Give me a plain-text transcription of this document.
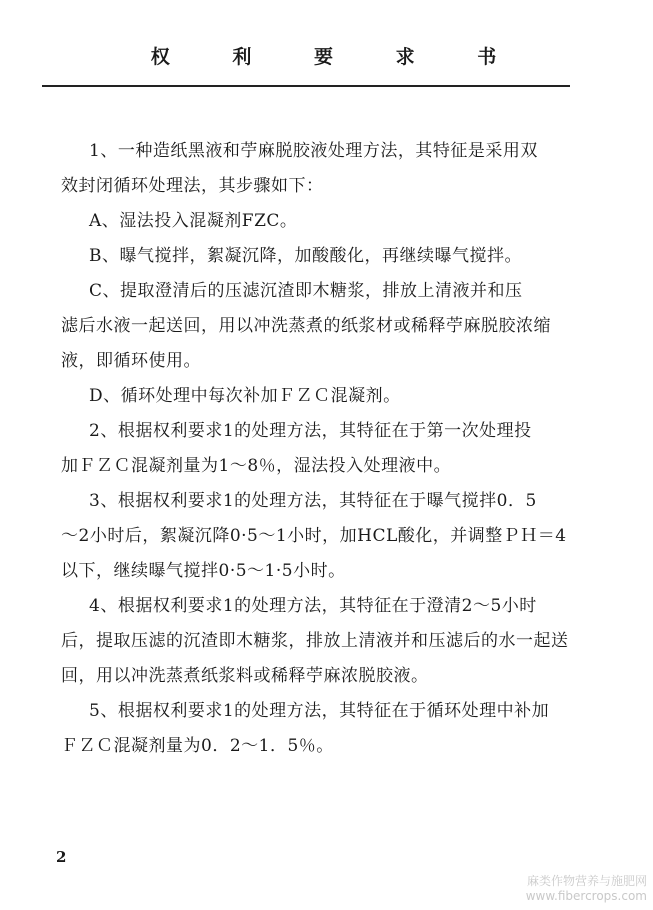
权 利 要 求 书

1、一种造纸黑液和苧麻脱胶液处理方法，其特征是采用双
效封闭循环处理法，其步骤如下：

A、湿法投入混凝剂FZC。

B、曝气搅拌，絮凝沉降，加酸酸化，再继续曝气搅拌。

C、提取澄清后的压滤沉渣即木糖浆，排放上清液并和压
滤后水液一起送回，用以冲洗蒸煮的纸浆材或稀释苧麻脱胶浓缩
液，即循环使用。

D、循环处理中每次补加ＦＺＣ混凝剂。

2、根据权利要求1的处理方法，其特征在于第一次处理投
加ＦＺＣ混凝剂量为1～8％，湿法投入处理液中。

3、根据权利要求1的处理方法，其特征在于曝气搅拌0．5
～2小时后，絮凝沉降0·5～1小时，加HCL酸化，并调整ＰＨ＝4
以下，继续曝气搅拌0·5～1·5小时。

4、根据权利要求1的处理方法，其特征在于澄清2～5小时
后，提取压滤的沉渣即木糖浆，排放上清液并和压滤后的水一起送
回，用以冲洗蒸煮纸浆料或稀释苧麻浓脱胶液。

5、根据权利要求1的处理方法，其特征在于循环处理中补加
ＦＺＣ混凝剂量为0．2～1．5％。

2
麻类作物营养与施肥网
www.fibercrops.com
